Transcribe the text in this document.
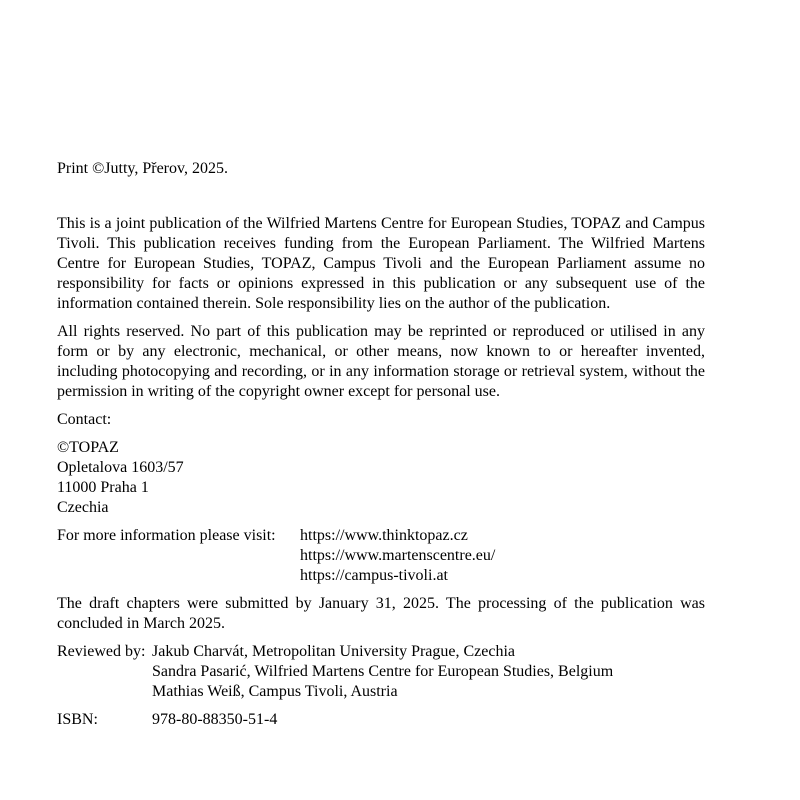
Print ©Jutty, Přerov, 2025.

This is a joint publication of the Wilfried Martens Centre for European Studies, TOPAZ and Campus Tivoli. This publication receives funding from the European Parliament. The Wilfried Martens Centre for European Studies, TOPAZ, Campus Tivoli and the European Parliament assume no responsibility for facts or opinions expressed in this publication or any subsequent use of the information contained therein. Sole responsibility lies on the author of the publication.

All rights reserved. No part of this publication may be reprinted or reproduced or utilised in any form or by any electronic, mechanical, or other means, now known to or hereafter invented, including photocopying and recording, or in any information storage or retrieval system, without the permission in writing of the copyright owner except for personal use.

Contact:

©TOPAZ
Opletalova 1603/57
11000 Praha 1
Czechia
For more information please visit:	https://www.thinktopaz.cz
https://www.martenscentre.eu/
https://campus-tivoli.at

The draft chapters were submitted by January 31, 2025. The processing of the publication was concluded in March 2025.

Reviewed by: Jakub Charvát, Metropolitan University Prague, Czechia
Sandra Pasarić, Wilfried Martens Centre for European Studies, Belgium
Mathias Weiß, Campus Tivoli, Austria
ISBN:	978-80-88350-51-4
